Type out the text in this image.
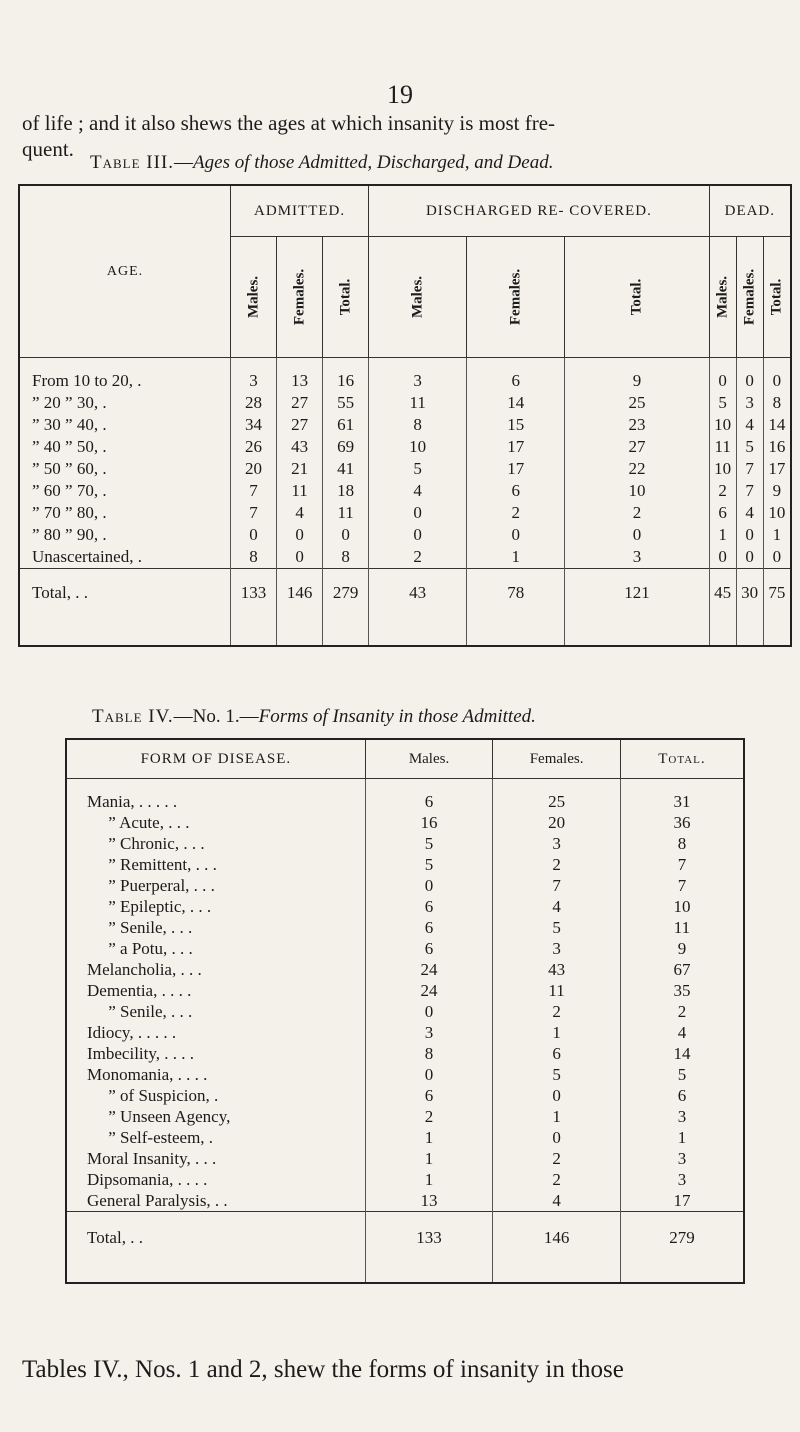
19
of life ; and it also shews the ages at which insanity is most fre-
quent.
Table III.—Ages of those Admitted, Discharged, and Dead.
AGE.	ADMITTED.			DISCHARGED RE- COVERED.			DEAD.		

	Males.	Females.	Total.	Males.	Females.	Total.	Males.	Females.	Total.

From 10 to 20, .	3	13	16	3	6	9	0	0	0
” 20 ” 30, .	28	27	55	11	14	25	5	3	8
” 30 ” 40, .	34	27	61	8	15	23	10	4	14
” 40 ” 50, .	26	43	69	10	17	27	11	5	16
” 50 ” 60, .	20	21	41	5	17	22	10	7	17
” 60 ” 70, .	7	11	18	4	6	10	2	7	9
” 70 ” 80, .	7	4	11	0	2	2	6	4	10
” 80 ” 90, .	0	0	0	0	0	0	1	0	1
Unascertained, .	8	0	8	2	1	3	0	0	0
Total, . .	133	146	279	43	78	121	45	30	75
Table IV.—No. 1.—Forms of Insanity in those Admitted.
FORM OF DISEASE.	Males.	Females.	Total.
Mania, . . . . .	6	25	31
” Acute, . . .	16	20	36
” Chronic, . . .	5	3	8
” Remittent, . . .	5	2	7
” Puerperal, . . .	0	7	7
” Epileptic, . . .	6	4	10
” Senile, . . .	6	5	11
” a Potu, . . .	6	3	9
Melancholia, . . .	24	43	67
Dementia, . . . .	24	11	35
” Senile, . . .	0	2	2
Idiocy, . . . . .	3	1	4
Imbecility, . . . .	8	6	14
Monomania, . . . .	0	5	5
” of Suspicion, .	6	0	6
” Unseen Agency,	2	1	3
” Self-esteem, .	1	0	1
Moral Insanity, . . .	1	2	3
Dipsomania, . . . .	1	2	3
General Paralysis, . .	13	4	17
Total, . .	133	146	279
Tables IV., Nos. 1 and 2, shew the forms of insanity in those
